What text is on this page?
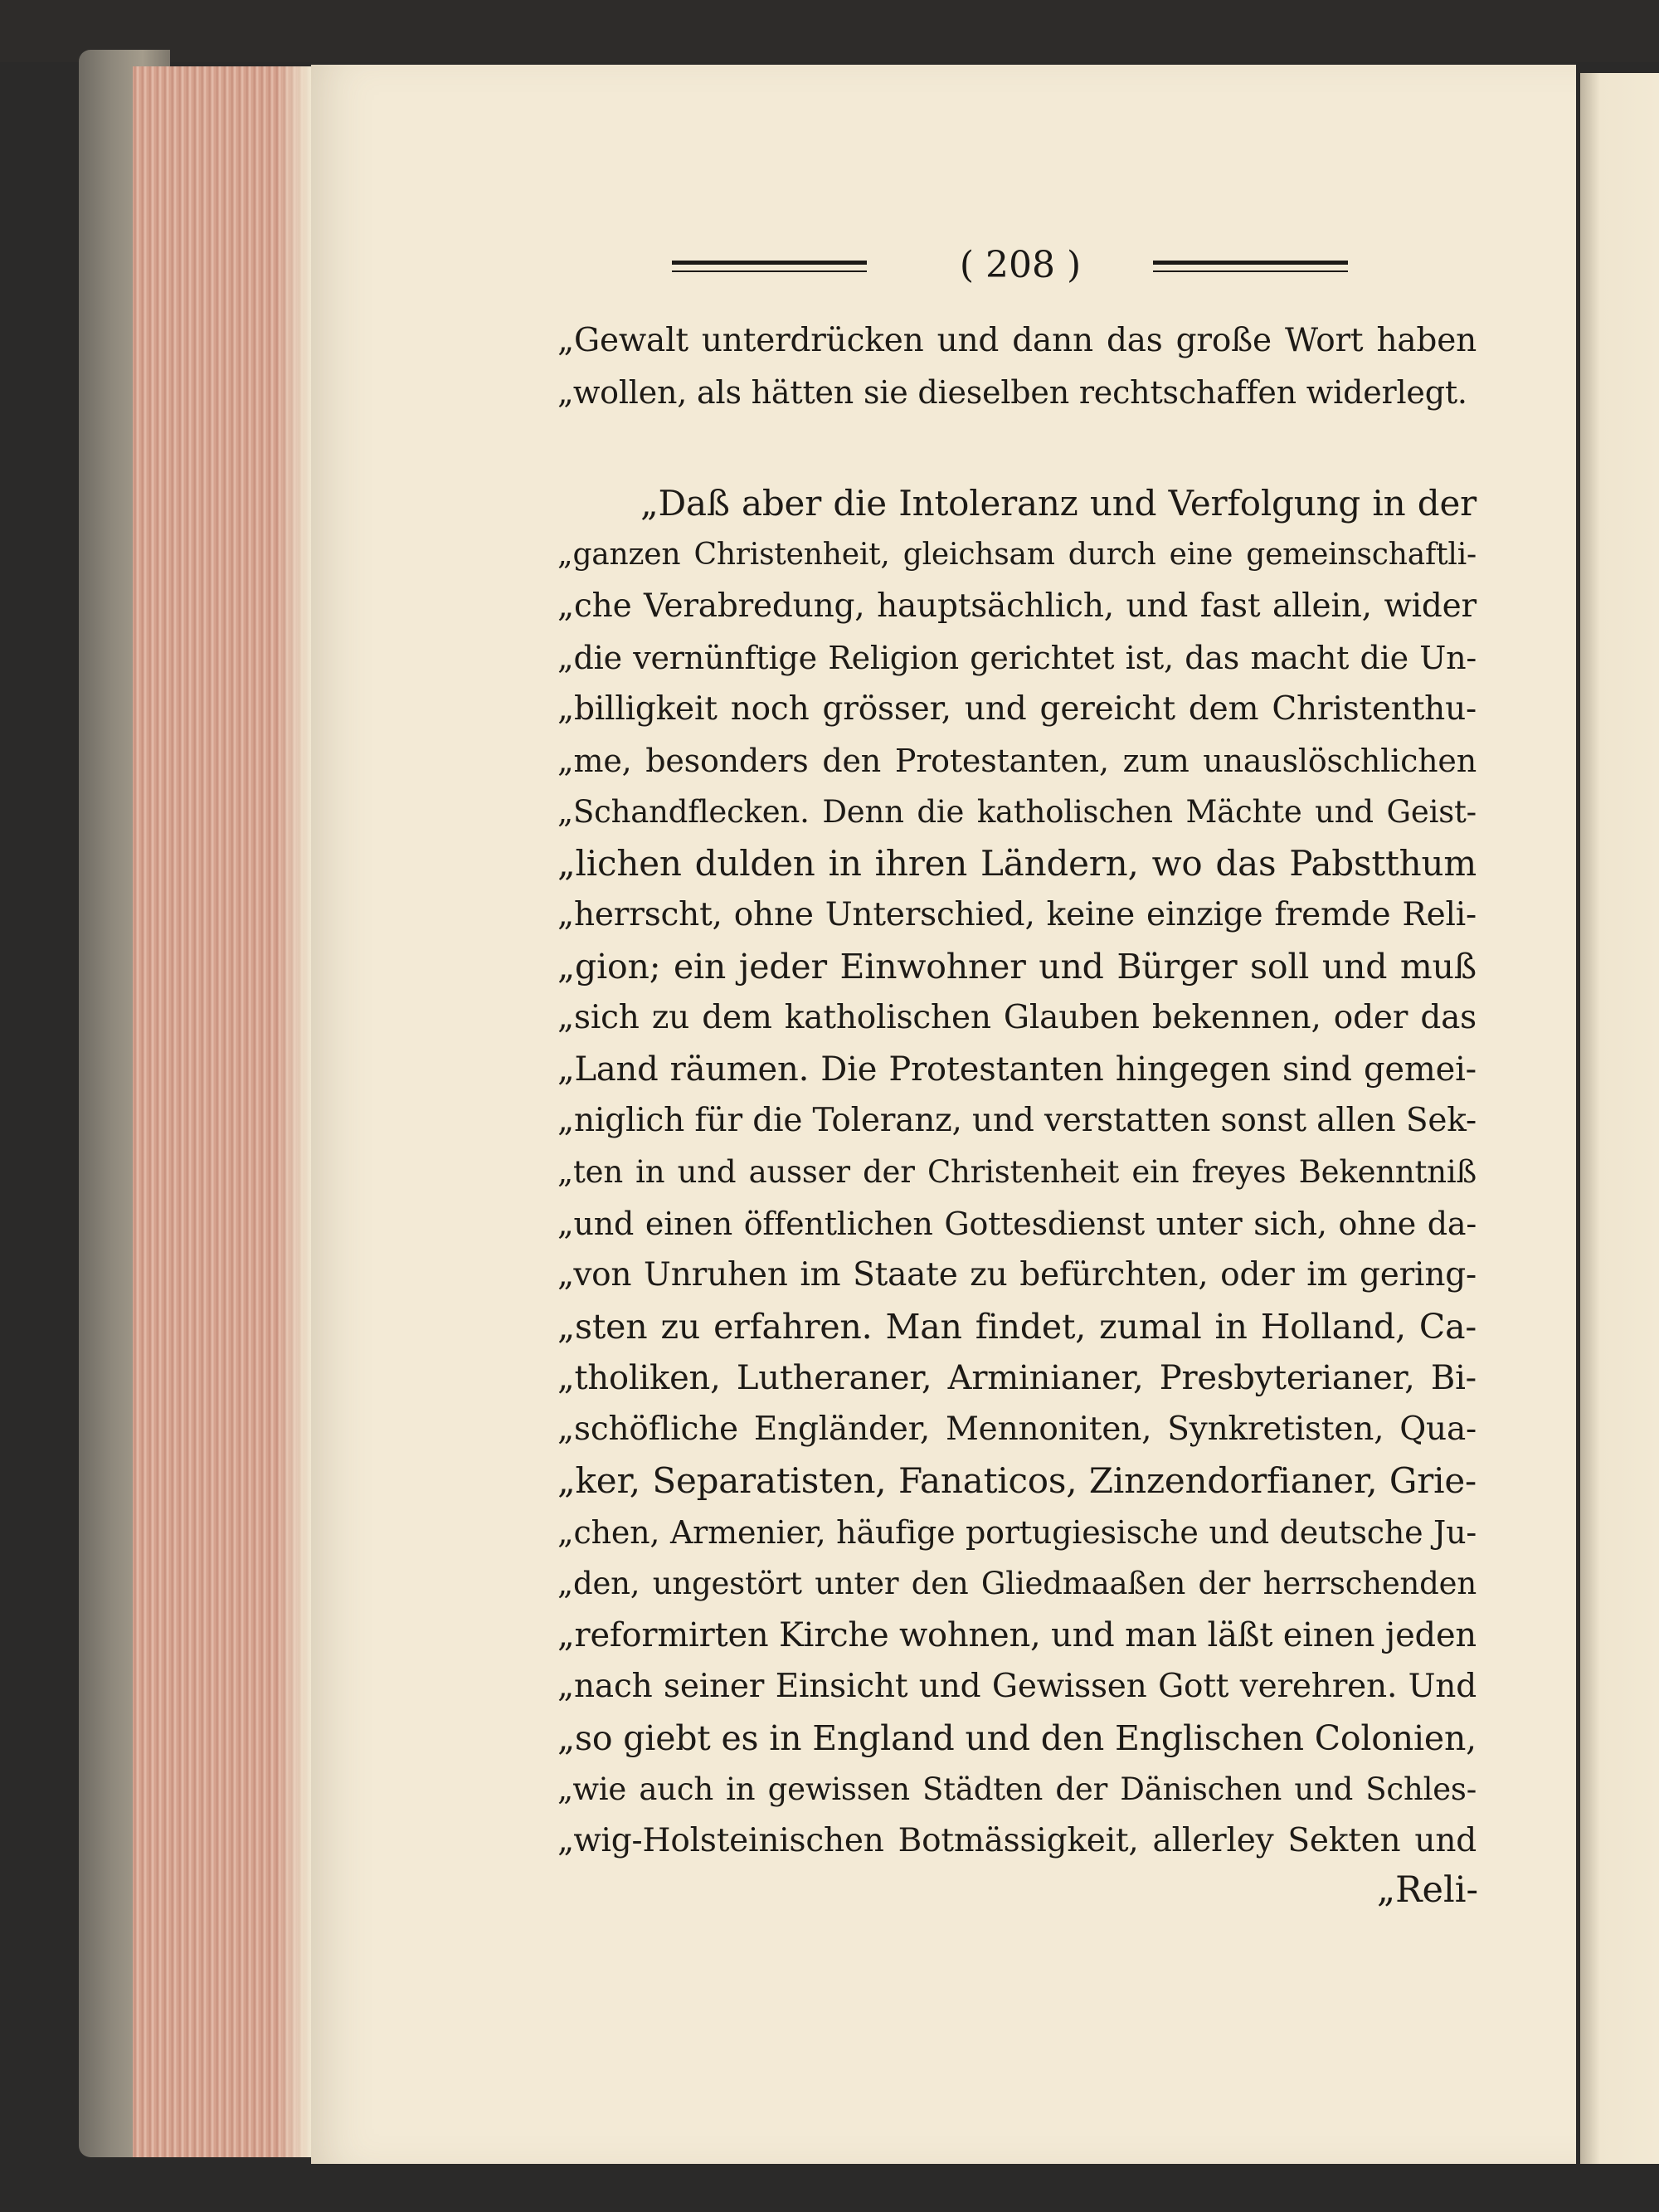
( 208 )
„Gewalt unterdrücken und dann das große Wort haben
„wollen, als hätten sie dieselben rechtschaffen widerlegt.
„Daß aber die Intoleranz und Verfolgung in der
„ganzen Christenheit, gleichsam durch eine gemeinschaftli-
„che Verabredung, hauptsächlich, und fast allein, wider
„die vernünftige Religion gerichtet ist, das macht die Un-
„billigkeit noch grösser, und gereicht dem Christenthu-
„me, besonders den Protestanten, zum unauslöschlichen
„Schandflecken. Denn die katholischen Mächte und Geist-
„lichen dulden in ihren Ländern, wo das Pabstthum
„herrscht, ohne Unterschied, keine einzige fremde Reli-
„gion; ein jeder Einwohner und Bürger soll und muß
„sich zu dem katholischen Glauben bekennen, oder das
„Land räumen. Die Protestanten hingegen sind gemei-
„niglich für die Toleranz, und verstatten sonst allen Sek-
„ten in und ausser der Christenheit ein freyes Bekenntniß
„und einen öffentlichen Gottesdienst unter sich, ohne da-
„von Unruhen im Staate zu befürchten, oder im gering-
„sten zu erfahren. Man findet, zumal in Holland, Ca-
„tholiken, Lutheraner, Arminianer, Presbyterianer, Bi-
„schöfliche Engländer, Mennoniten, Synkretisten, Qua-
„ker, Separatisten, Fanaticos, Zinzendorfianer, Grie-
„chen, Armenier, häufige portugiesische und deutsche Ju-
„den, ungestört unter den Gliedmaaßen der herrschenden
„reformirten Kirche wohnen, und man läßt einen jeden
„nach seiner Einsicht und Gewissen Gott verehren. Und
„so giebt es in England und den Englischen Colonien,
„wie auch in gewissen Städten der Dänischen und Schles-
„wig-Holsteinischen Botmässigkeit, allerley Sekten und
„Reli-
